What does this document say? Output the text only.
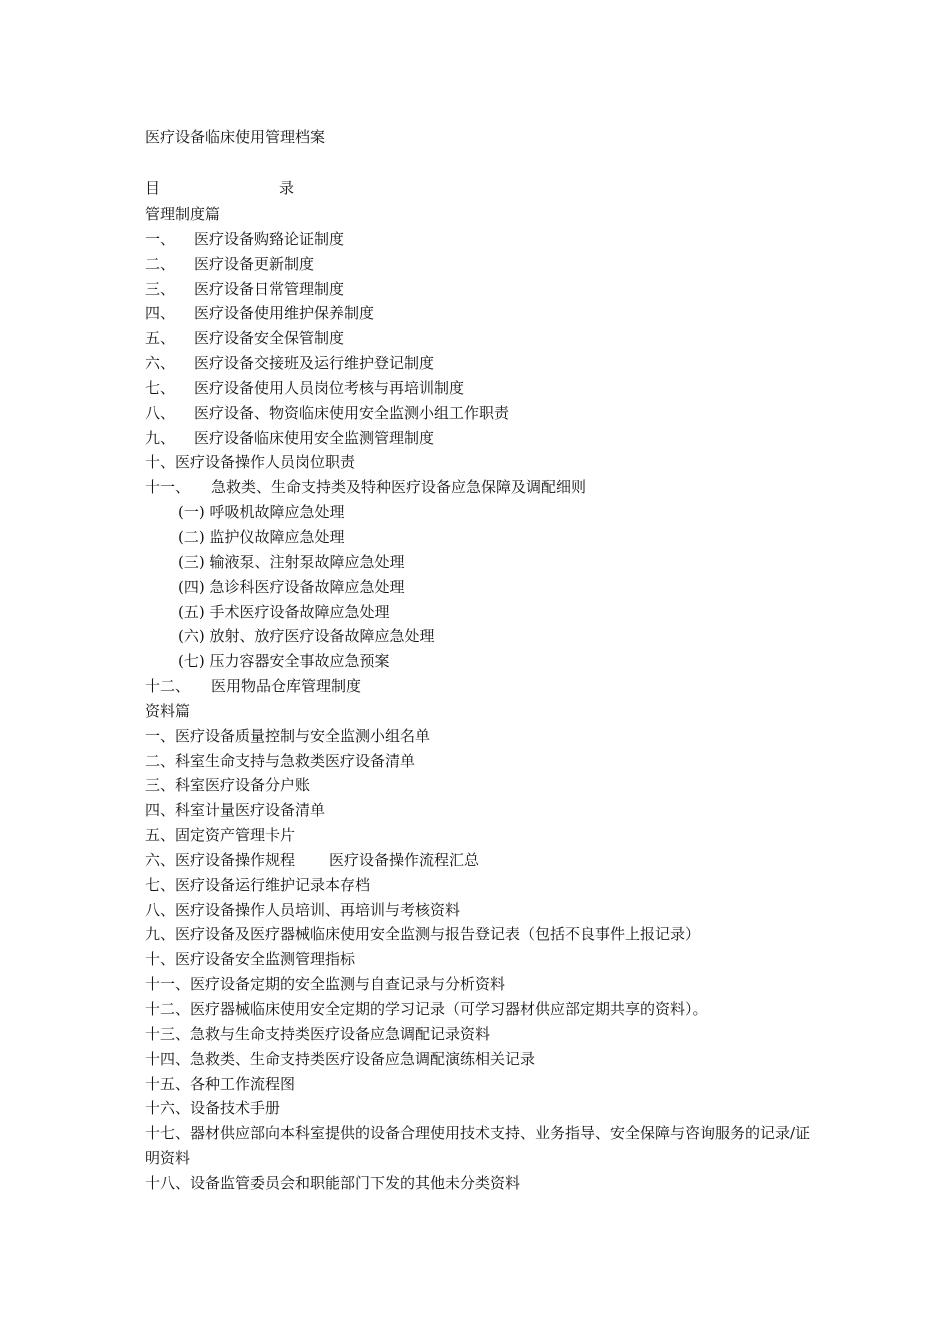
医疗设备临床使用管理档案
目	录
管理制度篇
一、 医疗设备购臵论证制度
二、 医疗设备更新制度
三、 医疗设备日常管理制度
四、 医疗设备使用维护保养制度
五、 医疗设备安全保管制度
六、 医疗设备交接班及运行维护登记制度
七、 医疗设备使用人员岗位考核与再培训制度
八、 医疗设备、物资临床使用安全监测小组工作职责
九、 医疗设备临床使用安全监测管理制度
十、医疗设备操作人员岗位职责
十一、 急救类、生命支持类及特种医疗设备应急保障及调配细则
(一) 呼吸机故障应急处理
(二) 监护仪故障应急处理
(三) 输液泵、注射泵故障应急处理
(四) 急诊科医疗设备故障应急处理
(五) 手术医疗设备故障应急处理
(六) 放射、放疗医疗设备故障应急处理
(七) 压力容器安全事故应急预案
十二、 医用物品仓库管理制度
资料篇
一、医疗设备质量控制与安全监测小组名单
二、科室生命支持与急救类医疗设备清单
三、科室医疗设备分户账
四、科室计量医疗设备清单
五、固定资产管理卡片
六、医疗设备操作规程 医疗设备操作流程汇总
七、医疗设备运行维护记录本存档
八、医疗设备操作人员培训、再培训与考核资料
九、医疗设备及医疗器械临床使用安全监测与报告登记表（包括不良事件上报记录）
十、医疗设备安全监测管理指标
十一、医疗设备定期的安全监测与自查记录与分析资料
十二、医疗器械临床使用安全定期的学习记录（可学习器材供应部定期共享的资料）。
十三、急救与生命支持类医疗设备应急调配记录资料
十四、急救类、生命支持类医疗设备应急调配演练相关记录
十五、各种工作流程图
十六、设备技术手册
十七、器材供应部向本科室提供的设备合理使用技术支持、业务指导、安全保障与咨询服务的记录/证明资料
十八、设备监管委员会和职能部门下发的其他未分类资料
